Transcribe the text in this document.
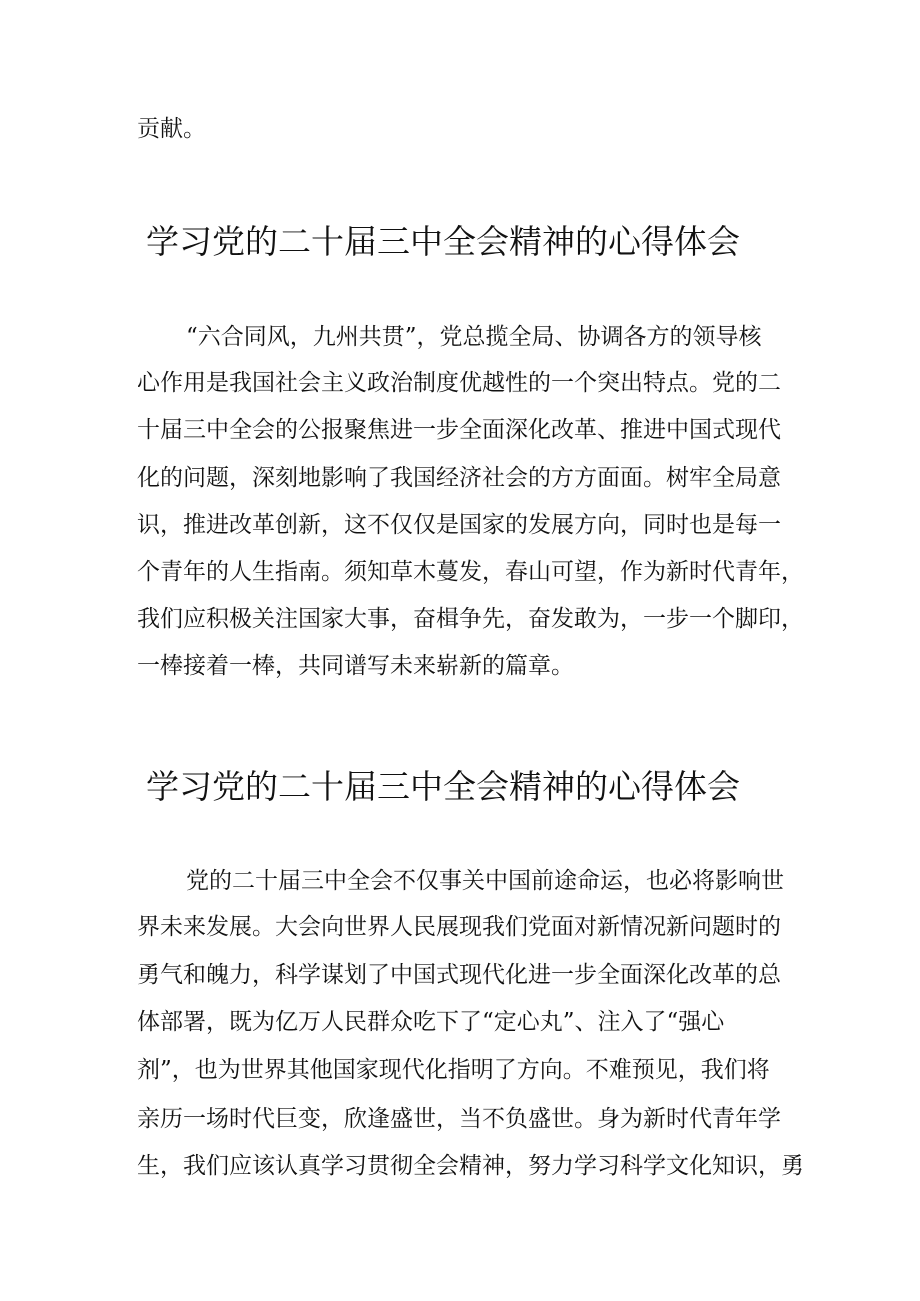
贡献。
学习党的二十届三中全会精神的心得体会
“六合同风，九州共贯”，党总揽全局、协调各方的领导核
心作用是我国社会主义政治制度优越性的一个突出特点。党的二
十届三中全会的公报聚焦进一步全面深化改革、推进中国式现代
化的问题，深刻地影响了我国经济社会的方方面面。树牢全局意
识，推进改革创新，这不仅仅是国家的发展方向，同时也是每一
个青年的人生指南。须知草木蔓发，春山可望，作为新时代青年，
我们应积极关注国家大事，奋楫争先，奋发敢为，一步一个脚印，
一棒接着一棒，共同谱写未来崭新的篇章。
学习党的二十届三中全会精神的心得体会
党的二十届三中全会不仅事关中国前途命运，也必将影响世
界未来发展。大会向世界人民展现我们党面对新情况新问题时的
勇气和魄力，科学谋划了中国式现代化进一步全面深化改革的总
体部署，既为亿万人民群众吃下了“定心丸”、注入了“强心
剂”，也为世界其他国家现代化指明了方向。不难预见，我们将
亲历一场时代巨变，欣逢盛世，当不负盛世。身为新时代青年学
生，我们应该认真学习贯彻全会精神，努力学习科学文化知识，勇
